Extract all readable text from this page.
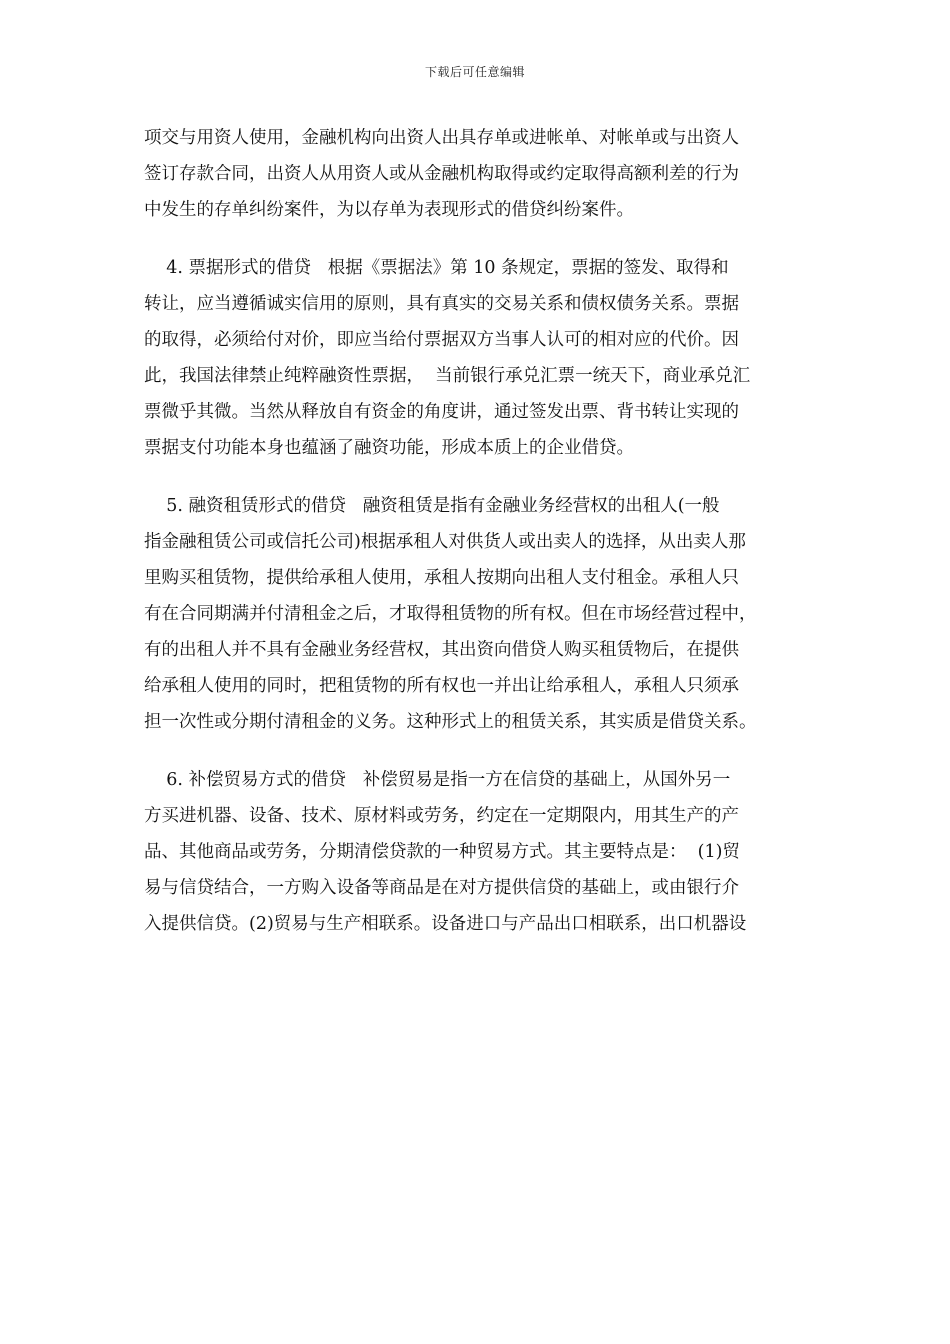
下载后可任意编辑
项交与用资人使用，金融机构向出资人出具存单或进帐单、对帐单或与出资人
签订存款合同，出资人从用资人或从金融机构取得或约定取得高额利差的行为
中发生的存单纠纷案件，为以存单为表现形式的借贷纠纷案件。
4. 票据形式的借贷   根据《票据法》第 10 条规定，票据的签发、取得和
转让，应当遵循诚实信用的原则，具有真实的交易关系和债权债务关系。票据
的取得，必须给付对价，即应当给付票据双方当事人认可的相对应的代价。因
此，我国法律禁止纯粹融资性票据，  当前银行承兑汇票一统天下，商业承兑汇
票微乎其微。当然从释放自有资金的角度讲，通过签发出票、背书转让实现的
票据支付功能本身也蕴涵了融资功能，形成本质上的企业借贷。
5. 融资租赁形式的借贷   融资租赁是指有金融业务经营权的出租人(一般
指金融租赁公司或信托公司)根据承租人对供货人或出卖人的选择，从出卖人那
里购买租赁物，提供给承租人使用，承租人按期向出租人支付租金。承租人只
有在合同期满并付清租金之后，才取得租赁物的所有权。但在市场经营过程中，
有的出租人并不具有金融业务经营权，其出资向借贷人购买租赁物后，在提供
给承租人使用的同时，把租赁物的所有权也一并出让给承租人，承租人只须承
担一次性或分期付清租金的义务。这种形式上的租赁关系，其实质是借贷关系。
6. 补偿贸易方式的借贷   补偿贸易是指一方在信贷的基础上，从国外另一
方买进机器、设备、技术、原材料或劳务，约定在一定期限内，用其生产的产
品、其他商品或劳务，分期清偿贷款的一种贸易方式。其主要特点是：  (1)贸
易与信贷结合，一方购入设备等商品是在对方提供信贷的基础上，或由银行介
入提供信贷。(2)贸易与生产相联系。设备进口与产品出口相联系，出口机器设
